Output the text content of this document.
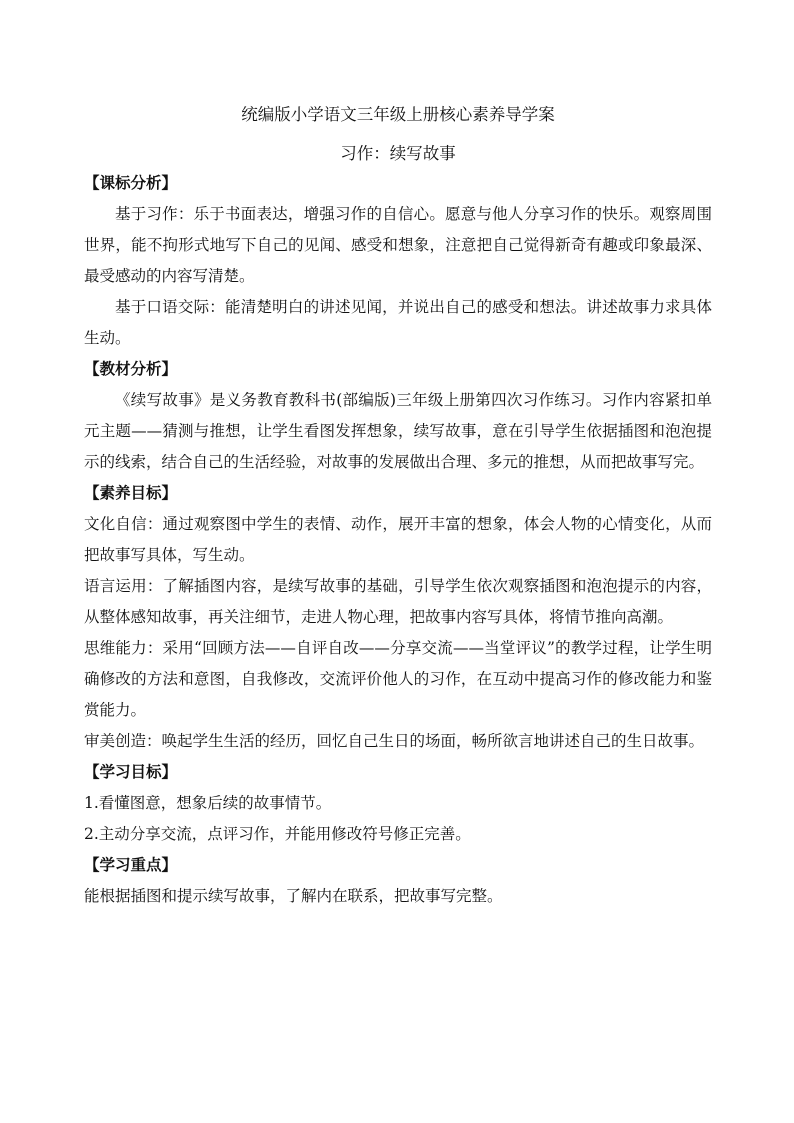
统编版小学语文三年级上册核心素养导学案
习作：续写故事
【课标分析】

基于习作：乐于书面表达，增强习作的自信心。愿意与他人分享习作的快乐。观察周围世界，能不拘形式地写下自己的见闻、感受和想象，注意把自己觉得新奇有趣或印象最深、最受感动的内容写清楚。

基于口语交际：能清楚明白的讲述见闻，并说出自己的感受和想法。讲述故事力求具体生动。

【教材分析】

《续写故事》是义务教育教科书(部编版)三年级上册第四次习作练习。习作内容紧扣单元主题——猜测与推想，让学生看图发挥想象，续写故事，意在引导学生依据插图和泡泡提示的线索，结合自己的生活经验，对故事的发展做出合理、多元的推想，从而把故事写完。

【素养目标】

文化自信：通过观察图中学生的表情、动作，展开丰富的想象，体会人物的心情变化，从而把故事写具体，写生动。

语言运用：了解插图内容，是续写故事的基础，引导学生依次观察插图和泡泡提示的内容，从整体感知故事，再关注细节，走进人物心理，把故事内容写具体，将情节推向高潮。

思维能力：采用“回顾方法——自评自改——分享交流——当堂评议”的教学过程，让学生明确修改的方法和意图，自我修改，交流评价他人的习作，在互动中提高习作的修改能力和鉴赏能力。

审美创造：唤起学生生活的经历，回忆自己生日的场面，畅所欲言地讲述自己的生日故事。

【学习目标】

1.看懂图意，想象后续的故事情节。

2.主动分享交流，点评习作，并能用修改符号修正完善。

【学习重点】

能根据插图和提示续写故事，了解内在联系，把故事写完整。
